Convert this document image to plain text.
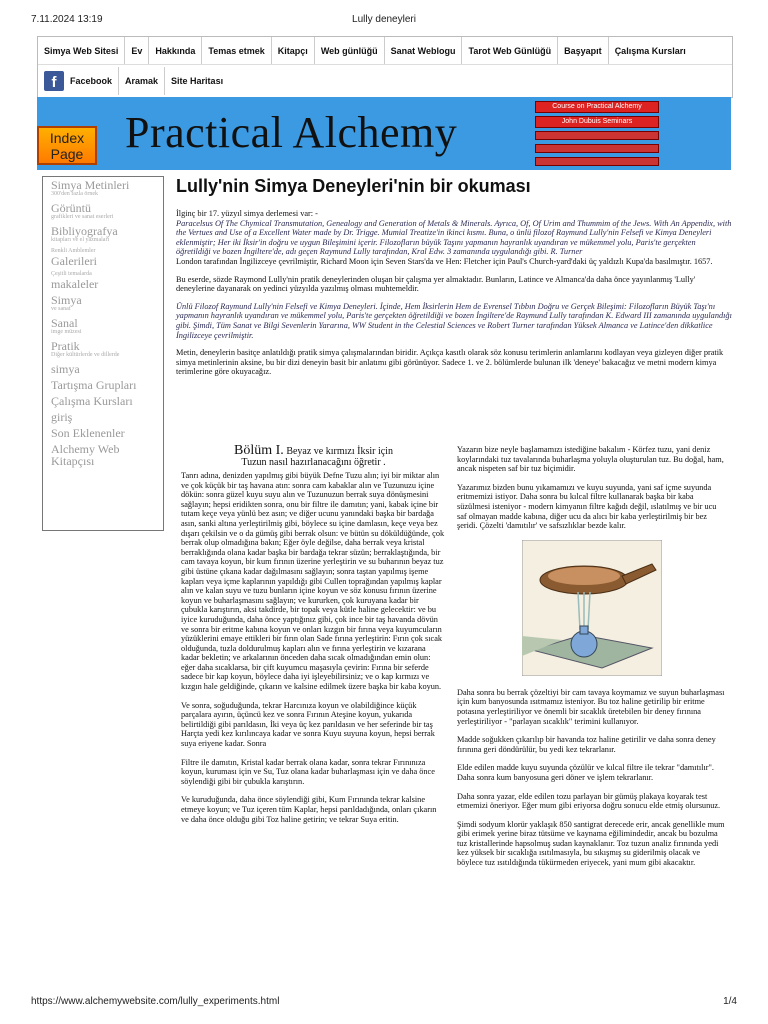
7.11.2024 13:19	Lully deneyleri
Simya Web Sitesi	Ev	Hakkında	Temas etmek	Kitapçı	Web günlüğü	Sanat Weblogu	Tarot Web Günlüğü	Başyapıt	Çalışma Kursları
f	Facebook	Aramak	Site Haritası
Index Page Practical Alchemy
Course on Practical Alchemy
John Dubuis Seminars
Simya Metinleri
300'den fazla örnek
Görüntü
grafikleri ve sanat eserleri
Bibliyografya
kitapları ve el yazmaları
Renkli Amblemler
Galerileri
Çeşitli temalarda
makaleler
Simya
ve sanat
Sanal
imge müzesi
Pratik
Diğer kültürlerde ve dillerde
simya
Tartışma Grupları
Çalışma Kursları
giriş
Son Eklenenler
Alchemy Web Kitapçısı
Lully'nin Simya Deneyleri'nin bir okuması
İlginç bir 17. yüzyıl simya derlemesi var: -
Paracelsus Of The Chymical Transmutation, Genealogy and Generation of Metals & Minerals. Ayrıca, Of, Of Urim and Thummim of the Jews. With An Appendix, with the Vertues and Use of a Excellent Water made by Dr. Trigge. Mumial Treatize'in ikinci kısmı. Buna, o ünlü filozof Raymund Lully'nin Felsefi ve Kimya Deneyleri eklenmiştir; Her iki İksir'in doğru ve uygun Bileşimini içerir. Filozofların büyük Taşını yapmanın hayranlık uyandıran ve mükemmel yolu, Paris'te gerçekten öğretildiği ve bozen İngiltere'de, adı geçen Raymund Lully tarafından, Kral Edw. 3 zamanında uygulandığı gibi. R. Turner
London tarafından İngilizceye çevrilmiştir, Richard Moon için Seven Stars'da ve Hen: Fletcher için Paul's Church-yard'daki üç yaldızlı Kupa'da basılmıştır. 1657.
Bu eserde, sözde Raymond Lully'nin pratik deneylerinden oluşan bir çalışma yer almaktadır. Bunların, Latince ve Almanca'da daha önce yayınlanmış 'Lully' deneylerine dayanarak on yedinci yüzyılda yazılmış olması muhtemeldir.
Ünlü Filozof Raymund Lully'nin Felsefi ve Kimya Deneyleri. İçinde, Hem İksirlerin Hem de Evrensel Tıbbın Doğru ve Gerçek Bileşimi: Filozofların Büyük Taşı'nı yapmanın hayranlık uyandıran ve mükemmel yolu, Paris'te gerçekten öğretildiği ve bozen İngiltere'de Raymund Lully tarafından K. Edward III zamanında uygulandığı gibi. Şimdi, Tüm Sanat ve Bilgi Sevenlerin Yararına, WW Student in the Celestial Sciences ve Robert Turner tarafından Yüksek Almanca ve Latince'den dikkatlice İngilizceye çevrilmiştir.
Metin, deneylerin basitçe anlatıldığı pratik simya çalışmalarından biridir. Açıkça kasıtlı olarak söz konusu terimlerin anlamlarını kodlayan veya gizleyen diğer pratik simya metinlerinin aksine, bu bir dizi deneyin basit bir anlatımı gibi görünüyor. Sadece 1. ve 2. bölümlerde bulunan ilk 'deneye' bakacağız ve metni modern kimya terimlerine göre okuyacağız.
Bölüm I. Beyaz ve kırmızı İksir için
Tuzun nasıl hazırlanacağını öğretir .

Tanrı adına, denizden yapılmış gibi büyük Defne Tuzu alın; iyi bir miktar alın ve çok küçük bir taş havana atın: sonra cam kabaklar alın ve Tuzunuzu içine dökün: sonra güzel kuyu suyu alın ve Tuzunuzun berrak suya dönüşmesini sağlayın; hepsi eridikten sonra, onu bir filtre ile damıtın; yani, kabak içine bir tutam keçe veya yünlü bez asın; ve diğer ucunu yanındaki başka bir bardağa asın, sanki altına yerleştirilmiş gibi, böylece su içine damlasın, keçe veya bez dışarı çekilsin ve o da gümüş gibi berrak olsun: ve bütün su döküldüğünde, çok berrak olup olmadığına bakın; Eğer öyle değilse, daha berrak veya kristal berraklığında olana kadar başka bir bardağa tekrar süzün; berraklaştığında, bir cam tavaya koyun, bir kum fırının üzerine yerleştirin ve su buharının beyaz tuz gibi üstüne çıkana kadar dağılmasını sağlayın; sonra taştan yapılmış işeme kapları veya içme kaplarının yapıldığı gibi Cullen toprağından yapılmış kaplar alın ve kalan suyu ve tuzu bunların içine koyun ve söz konusu fırının üzerine koyun ve buharlaşmasını sağlayın; ve kururken, çok kuruyana kadar bir çubukla karıştırın, aksi takdirde, bir topak veya kütle haline gelecektir: ve bu iyice kuruduğunda, daha önce yaptığınız gibi, çok ince bir taş havanda dövün ve sonra bir eritme kabına koyun ve onları kızgın bir fırına veya kuyumcuların yüzüklerini emaye ettikleri bir fırın olan Sade fırına yerleştirin: Fırın çok sıcak olduğunda, tuzla doldurulmuş kapları alın ve fırına yerleştirin ve kızarana kadar bekletin; ve arkalarının önceden daha sıcak olmadığından emin olun: eğer daha sıcaklarsa, bir çift kuyumcu maşasıyla çevirin: Fırına bir seferde sadece bir kap koyun, böylece daha iyi işleyebilirsiniz; ve o kap kırmızı ve kızgın hale geldiğinde, çıkarın ve kalsine edilmek üzere başka bir kaba koyun.

Ve sonra, soğuduğunda, tekrar Harcınıza koyun ve olabildiğince küçük parçalara ayırın, üçüncü kez ve sonra Fırının Ateşine koyun, yukarıda belirtildiği gibi parıldasın, İki veya üç kez parıldasın ve her seferinde bir taş Harçta yedi kez kırılıncaya kadar ve sonra Kuyu suyuna koyun, hepsi berrak suya eriyene kadar. Sonra

Filtre ile damıtın, Kristal kadar berrak olana kadar, sonra tekrar Fırınınıza koyun, kuruması için ve Su, Tuz olana kadar buharlaşması için ve daha önce söylendiği gibi bir çubukla karıştırın.

Ve kuruduğunda, daha önce söylendiği gibi, Kum Fırınında tekrar kalsine etmeye koyun; ve Tuz içeren tüm Kaplar, hepsi parıldadığında, onları çıkarın ve daha önce olduğu gibi Toz haline getirin; ve tekrar Suya eritin.

Yazarın bize neyle başlamamızı istediğine bakalım - Körfez tuzu, yani deniz koylarındaki tuz tavalarında buharlaşma yoluyla oluşturulan tuz. Bu doğal, ham, ancak nispeten saf bir tuz biçimidir.

Yazarımız bizden bunu yıkamamızı ve kuyu suyunda, yani saf içme suyunda eritmemizi istiyor. Daha sonra bu kılcal filtre kullanarak başka bir kaba süzülmesi isteniyor - modern kimyanın filtre kağıdı değil, ıslatılmış ve bir ucu saf olmayan madde kabına, diğer ucu da alıcı bir kaba yerleştirilmiş bir bez şeridi. Çözelti 'damıtılır' ve safsızlıklar bezde kalır.

Daha sonra bu berrak çözeltiyi bir cam tavaya koymamız ve suyun buharlaşması için kum banyosunda ısıtmamız isteniyor. Bu toz haline getirilip bir eritme potasına yerleştiriliyor ve önemli bir sıcaklık üretebilen bir deney fırınına yerleştiriliyor - "parlayan sıcaklık" terimini kullanıyor.

Madde soğukken çıkarılıp bir havanda toz haline getirilir ve daha sonra deney fırınına geri döndürülür, bu yedi kez tekrarlanır.

Elde edilen madde kuyu suyunda çözülür ve kılcal filtre ile tekrar "damıtılır". Daha sonra kum banyosuna geri döner ve işlem tekrarlanır.

Daha sonra yazar, elde edilen tozu parlayan bir gümüş plakaya koyarak test etmemizi öneriyor. Eğer mum gibi eriyorsa doğru sonucu elde etmiş olursunuz.

Şimdi sodyum klorür yaklaşık 850 santigrat derecede erir, ancak genellikle mum gibi erimek yerine biraz tütsüme ve kaynama eğilimindedir, ancak bu bozulma tuz kristallerinde hapsolmuş sudan kaynaklanır. Toz tuzun analiz fırınında yedi kez yüksek bir sıcaklığa ısıtılmasıyla, bu sıkışmış su giderilmiş olacak ve böylece tuz ısıtıldığında tükürmeden eriyecek, yani mum gibi akacaktır.

https://www.alchemywebsite.com/lully_experiments.html	1/4
